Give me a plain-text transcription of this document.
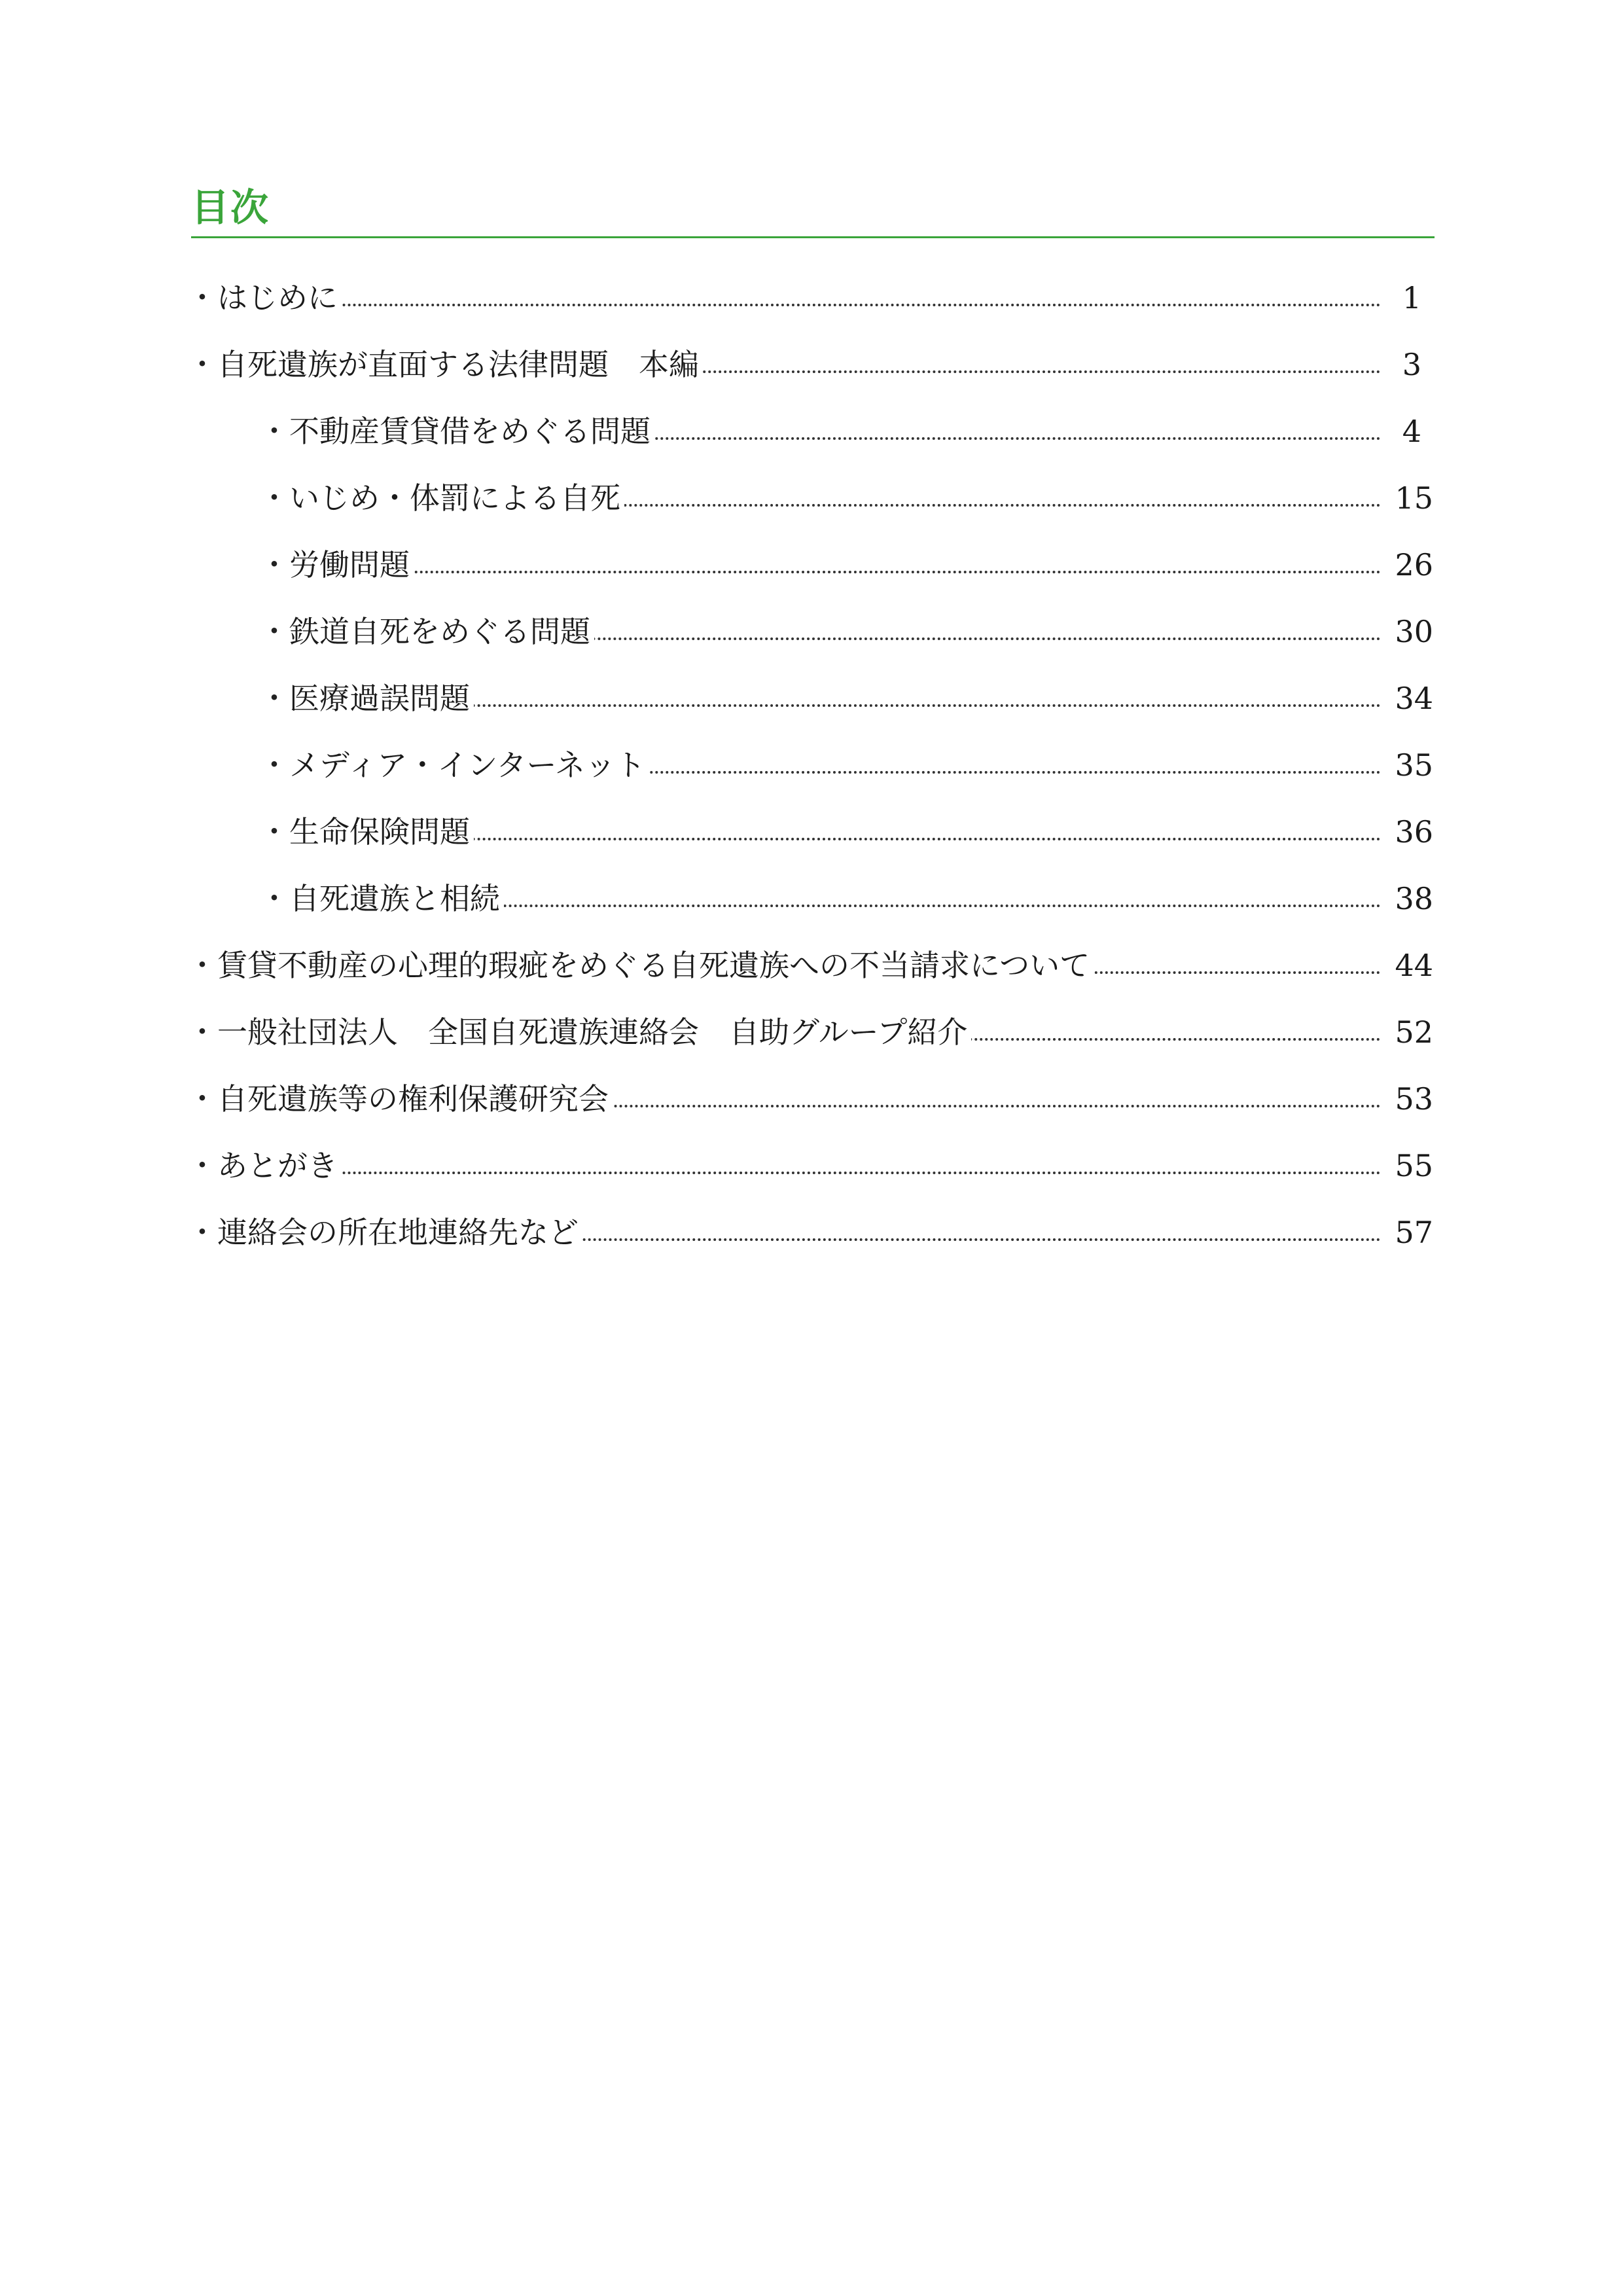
目次
・ はじめに	1
・ 自死遺族が直面する法律問題　本編	3
・ 不動産賃貸借をめぐる問題	4
・ いじめ・体罰による自死	15
・ 労働問題	26
・ 鉄道自死をめぐる問題	30
・ 医療過誤問題	34
・ メディア・インターネット	35
・ 生命保険問題	36
・ 自死遺族と相続	38
・ 賃貸不動産の心理的瑕疵をめぐる自死遺族への不当請求について	44
・ 一般社団法人　全国自死遺族連絡会　自助グループ紹介	52
・ 自死遺族等の権利保護研究会	53
・ あとがき	55
・ 連絡会の所在地連絡先など	57
